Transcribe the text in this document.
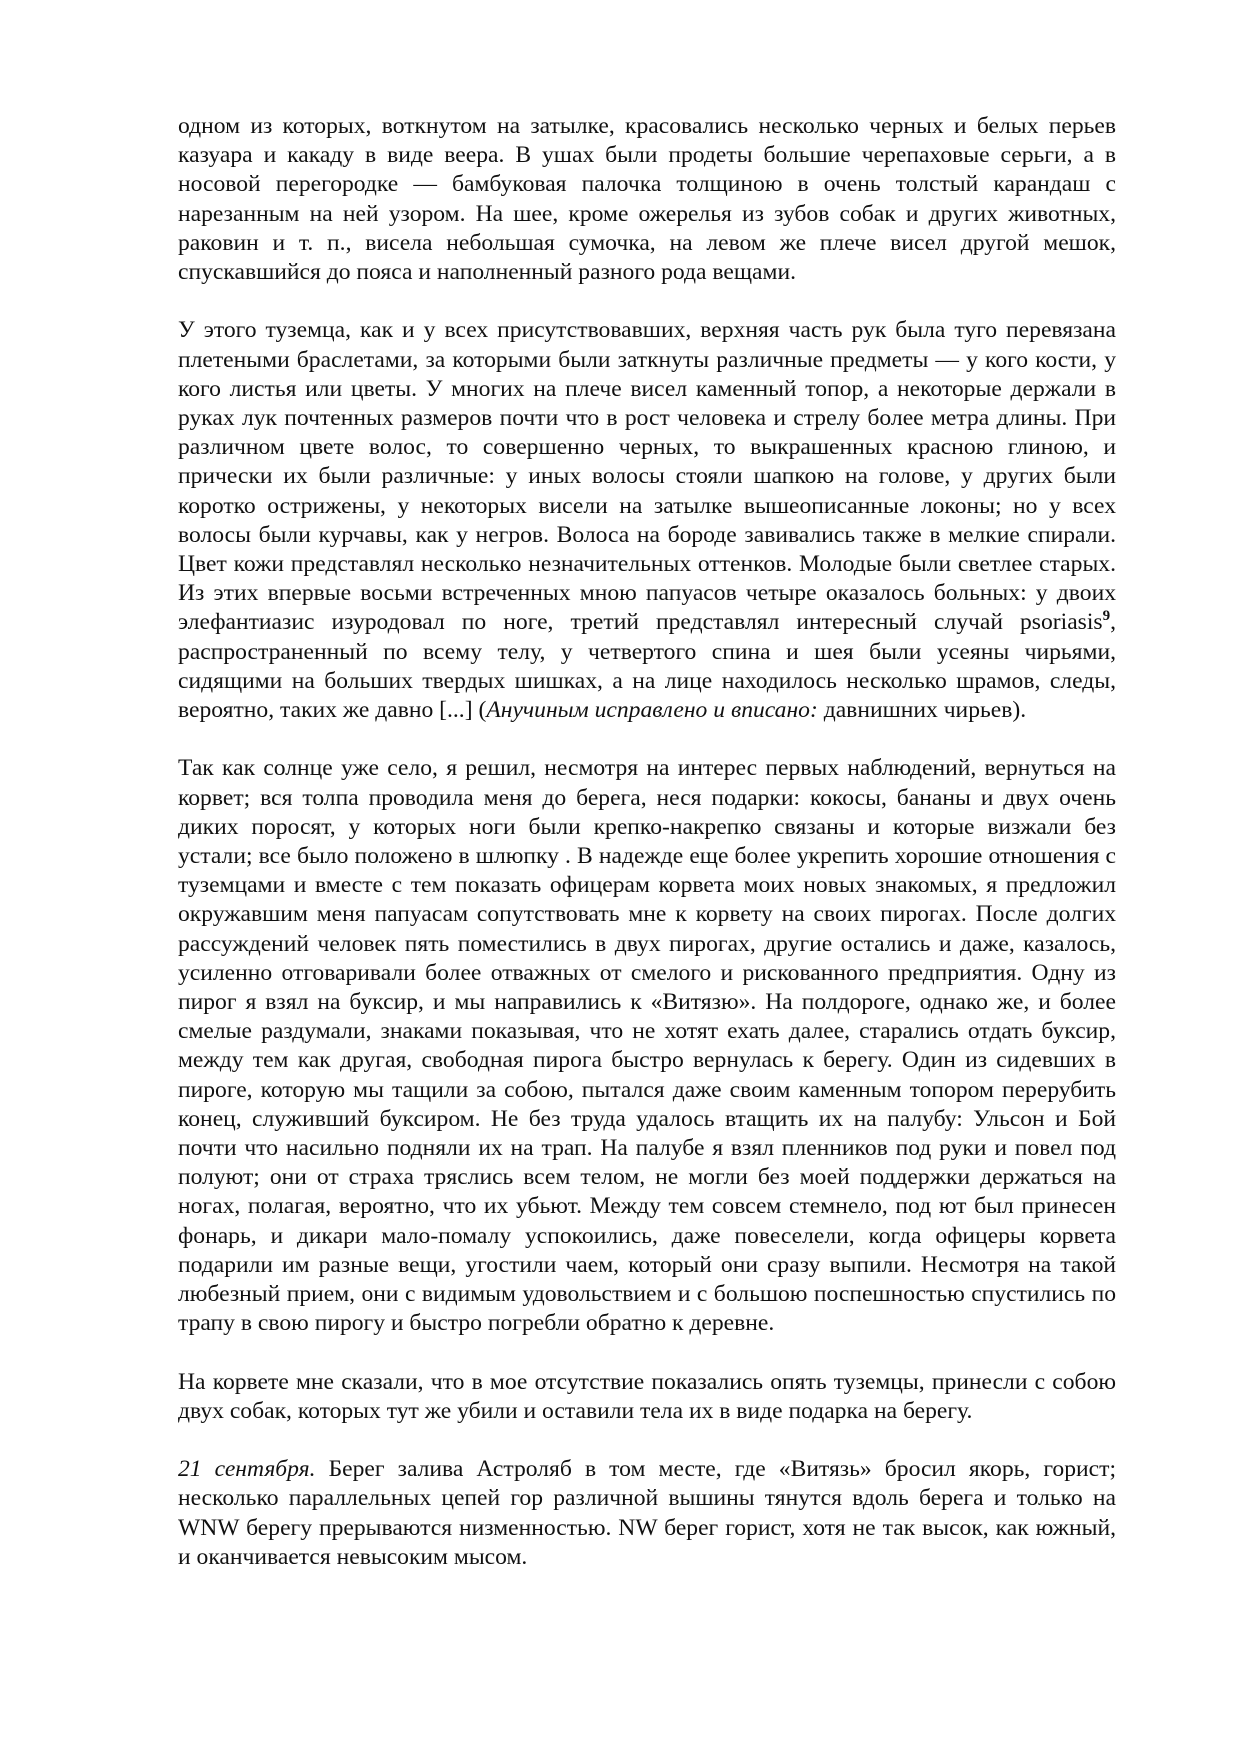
одном из которых, воткнутом на затылке, красовались несколько черных и белых перьев казуара и какаду в виде веера. В ушах были продеты большие черепаховые серьги, а в носовой перегородке — бамбуковая палочка толщиною в очень толстый карандаш с нарезанным на ней узором. На шее, кроме ожерелья из зубов собак и других животных, раковин и т. п., висела небольшая сумочка, на левом же плече висел другой мешок, спускавшийся до пояса и наполненный разного рода вещами.

У этого туземца, как и у всех присутствовавших, верхняя часть рук была туго перевязана плетеными браслетами, за которыми были заткнуты различные предметы — у кого кости, у кого листья или цветы. У многих на плече висел каменный топор, а некоторые держали в руках лук почтенных размеров почти что в рост человека и стрелу более метра длины. При различном цвете волос, то совершенно черных, то выкрашенных красною глиною, и прически их были различные: у иных волосы стояли шапкою на голове, у других были коротко острижены, у некоторых висели на затылке вышеописанные локоны; но у всех волосы были курчавы, как у негров. Волоса на бороде завивались также в мелкие спирали. Цвет кожи представлял несколько незначительных оттенков. Молодые были светлее старых. Из этих впервые восьми встреченных мною папуасов четыре оказалось больных: у двоих элефантиазис изуродовал по ноге, третий представлял интересный случай psoriasis$^9$, распространенный по всему телу, у четвертого спина и шея были усеяны чирьями, сидящими на больших твердых шишках, а на лице находилось несколько шрамов, следы, вероятно, таких же давно [...] (Анучиным исправлено и вписано: давнишних чирьев).

Так как солнце уже село, я решил, несмотря на интерес первых наблюдений, вернуться на корвет; вся толпа проводила меня до берега, неся подарки: кокосы, бананы и двух очень диких поросят, у которых ноги были крепко-накрепко связаны и которые визжали без устали; все было положено в шлюпку . В надежде еще более укрепить хорошие отношения с туземцами и вместе с тем показать офицерам корвета моих новых знакомых, я предложил окружавшим меня папуасам сопутствовать мне к корвету на своих пирогах. После долгих рассуждений человек пять поместились в двух пирогах, другие остались и даже, казалось, усиленно отговаривали более отважных от смелого и рискованного предприятия. Одну из пирог я взял на буксир, и мы направились к «Витязю». На полдороге, однако же, и более смелые раздумали, знаками показывая, что не хотят ехать далее, старались отдать буксир, между тем как другая, свободная пирога быстро вернулась к берегу. Один из сидевших в пироге, которую мы тащили за собою, пытался даже своим каменным топором перерубить конец, служивший буксиром. Не без труда удалось втащить их на палубу: Ульсон и Бой почти что насильно подняли их на трап. На палубе я взял пленников под руки и повел под полуют; они от страха тряслись всем телом, не могли без моей поддержки держаться на ногах, полагая, вероятно, что их убьют. Между тем совсем стемнело, под ют был принесен фонарь, и дикари мало-помалу успокоились, даже повеселели, когда офицеры корвета подарили им разные вещи, угостили чаем, который они сразу выпили. Несмотря на такой любезный прием, они с видимым удовольствием и с большою поспешностью спустились по трапу в свою пирогу и быстро погребли обратно к деревне.

На корвете мне сказали, что в мое отсутствие показались опять туземцы, принесли с собою двух собак, которых тут же убили и оставили тела их в виде подарка на берегу.

21 сентября. Берег залива Астроляб в том месте, где «Витязь» бросил якорь, горист; несколько параллельных цепей гор различной вышины тянутся вдоль берега и только на WNW берегу прерываются низменностью. NW берег горист, хотя не так высок, как южный, и оканчивается невысоким мысом.
